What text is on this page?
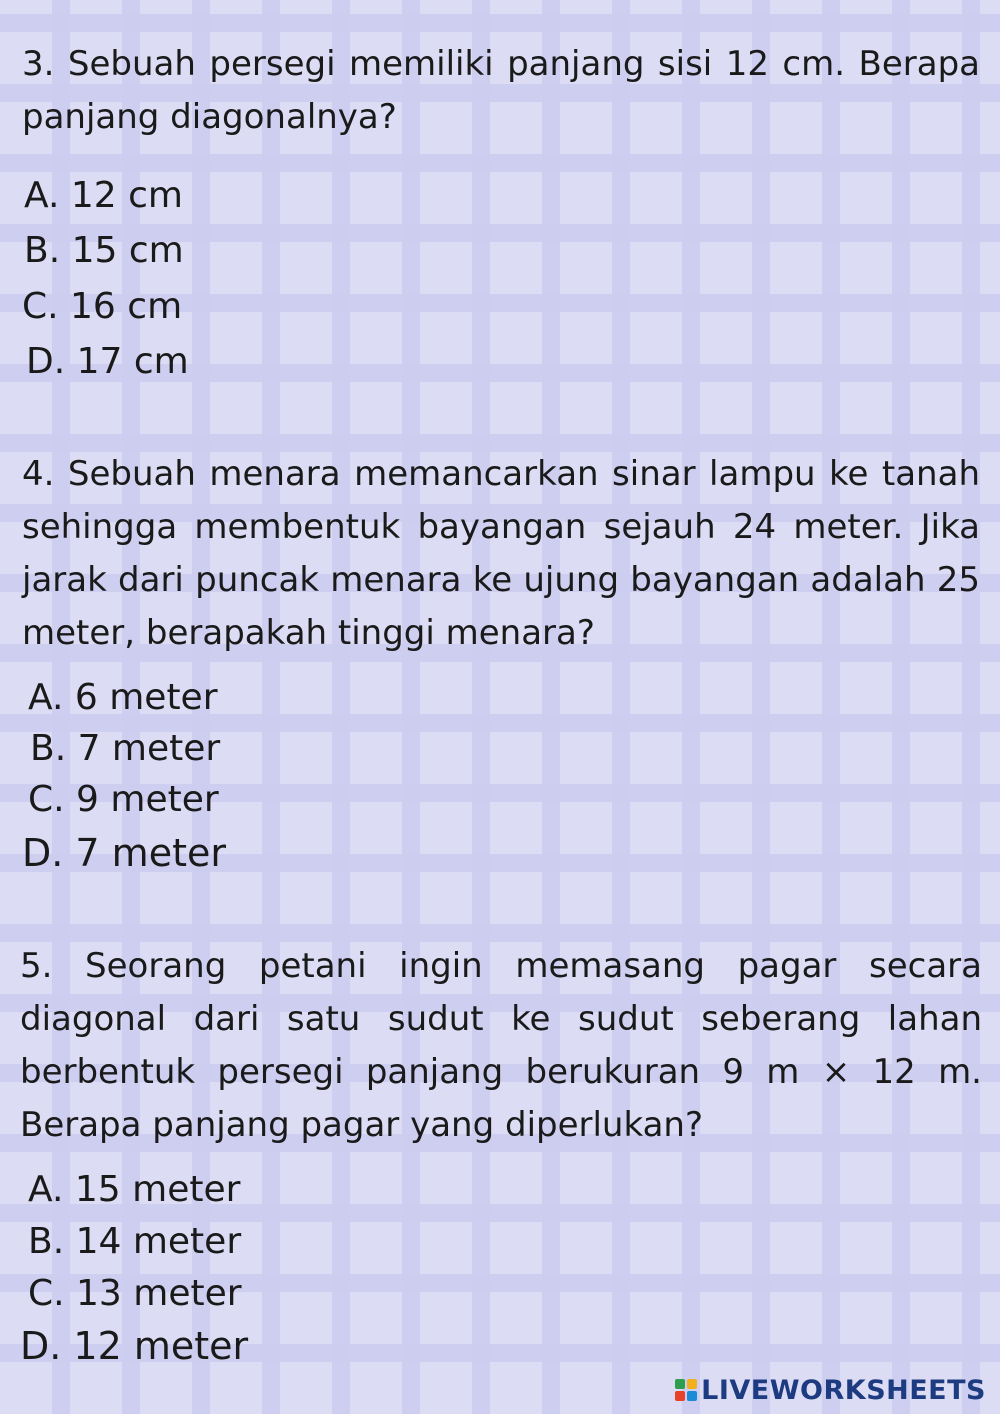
3. Sebuah persegi memiliki panjang sisi 12 cm. Berapa panjang diagonalnya?

A. 12 cm

B. 15 cm

C. 16 cm

D. 17 cm

4. Sebuah menara memancarkan sinar lampu ke tanah sehingga membentuk bayangan sejauh 24 meter. Jika jarak dari puncak menara ke ujung bayangan adalah 25 meter, berapakah tinggi menara?

A. 6 meter

B. 7 meter

C. 9 meter

D. 7 meter

5. Seorang petani ingin memasang pagar secara diagonal dari satu sudut ke sudut seberang lahan berbentuk persegi panjang berukuran 9 m × 12 m. Berapa panjang pagar yang diperlukan?

A. 15 meter

B. 14 meter

C. 13 meter

D. 12 meter

LIVEWORKSHEETS
